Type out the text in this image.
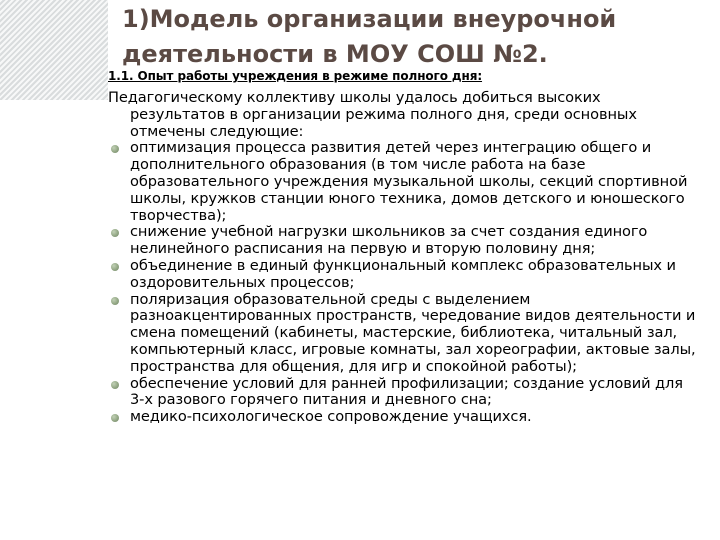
1)Модель организации внеурочной деятельности в МОУ СОШ №2.

1.1. Опыт работы учреждения в режиме полного дня:

Педагогическому коллективу школы удалось добиться высоких результатов в организации режима полного дня, среди основных отмечены следующие:

оптимизация процесса развития детей через интеграцию общего и дополнительного образования (в том числе работа на базе образовательного учреждения музыкальной школы, секций спортивной школы, кружков станции юного техника, домов детского и юношеского творчества);
снижение учебной нагрузки школьников за счет создания единого нелинейного расписания на первую и вторую половину дня;
объединение в единый функциональный комплекс образовательных и оздоровительных процессов;
поляризация образовательной среды с выделением разноакцентированных пространств, чередование видов деятельности и смена помещений (кабинеты, мастерские, библиотека, читальный зал, компьютерный класс, игровые комнаты, зал хореографии, актовые залы, пространства для общения, для игр и спокойной работы);
обеспечение условий для ранней профилизации; создание условий для 3-х разового горячего питания и дневного сна;
медико-психологическое сопровождение учащихся.
